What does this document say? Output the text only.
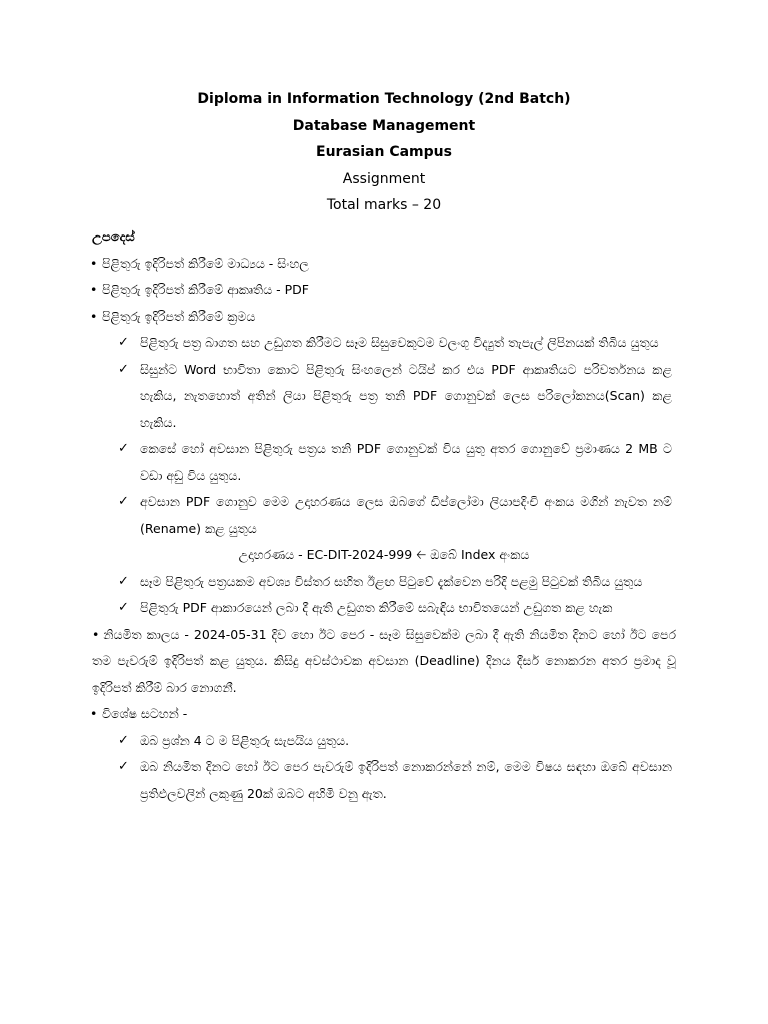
Diploma in Information Technology (2nd Batch)
Database Management
Eurasian Campus
Assignment
Total marks – 20
උපදෙස්
• පිළිතුරු ඉදිරිපත් කිරීමේ මාධ්‍යය - සිංහල
• පිළිතුරු ඉදිරිපත් කිරීමේ ආකෘතිය - PDF
• පිළිතුරු ඉදිරිපත් කිරීමේ ක්‍රමය
✓ පිළිතුරු පත්‍ර බාගත සහ උඩුගත කිරීමට සෑම සිසුවෙකුටම වලංගු විද්‍යුත් තැපැල් ලිපිනයක් තිබිය යුතුය
✓ සිසුන්ට Word භාවිතා කොට පිළිතුරු සිංහලෙන් ටයිප් කර එය PDF ආකෘතියට පරිවර්තනය කළ හැකිය, නැතහොත් අතින් ලියා පිළිතුරු පත්‍ර තනි PDF ගොනුවක් ලෙස පරිලෝකනය(Scan) කළ හැකිය.
✓ කෙසේ හෝ අවසාන පිළිතුරු පත්‍රය තනි PDF ගොනුවක් විය යුතු අතර ගොනුවේ ප්‍රමාණය 2 MB ට වඩා අඩු විය යුතුය.
✓ අවසාන PDF ගොනුව මෙම උදාහරණය ලෙස ඔබගේ ඩිප්ලෝමා ලියාපදිංචි අංකය මගින් නැවත නම් (Rename) කළ යුතුය
උදාහරණය - EC-DIT-2024-999 🡠 ඔබේ Index අංකය
✓ සෑම පිළිතුරු පත්‍රයකම අවශ්‍ය විස්තර සහිත ඊළඟ පිටුවේ දැක්වෙන පරිදි පළමු පිටුවක් තිබිය යුතුය
✓ පිළිතුරු PDF ආකාරයෙන් ලබා දී ඇති උඩුගත කිරීමේ සබැඳිය භාවිතයෙන් උඩුගත කළ හැක
• නියමිත කාලය - 2024-05-31 දිව හො ඊට පෙර - සෑම සිසුවෙක්ම ලබා දී ඇති නියමිත දිනට හෝ ඊට පෙර තම පැවරුම් ඉදිරිපත් කළ යුතුය. කිසිදු අවස්ථාවක අවසාන (Deadline) දිනය දීසර් නොකරන අතර ප්‍රමාද වූ ඉදිරිපත් කිරීම් බාර නොගනී.
• විශේෂ සටහන් -
✓ ඔබ ප්‍රශ්න 4 ට ම පිළිතුරු සැපයිය යුතුය.
✓ ඔබ නියමිත දිනට හෝ ඊට පෙර පැවරුම් ඉදිරිපත් නොකරන්නේ නම්, මෙම විෂය සඳහා ඔබේ අවසාන ප්‍රතිඵලවලින් ලකුණු 20ක් ඔබට අහිමි වනු ඇත.
